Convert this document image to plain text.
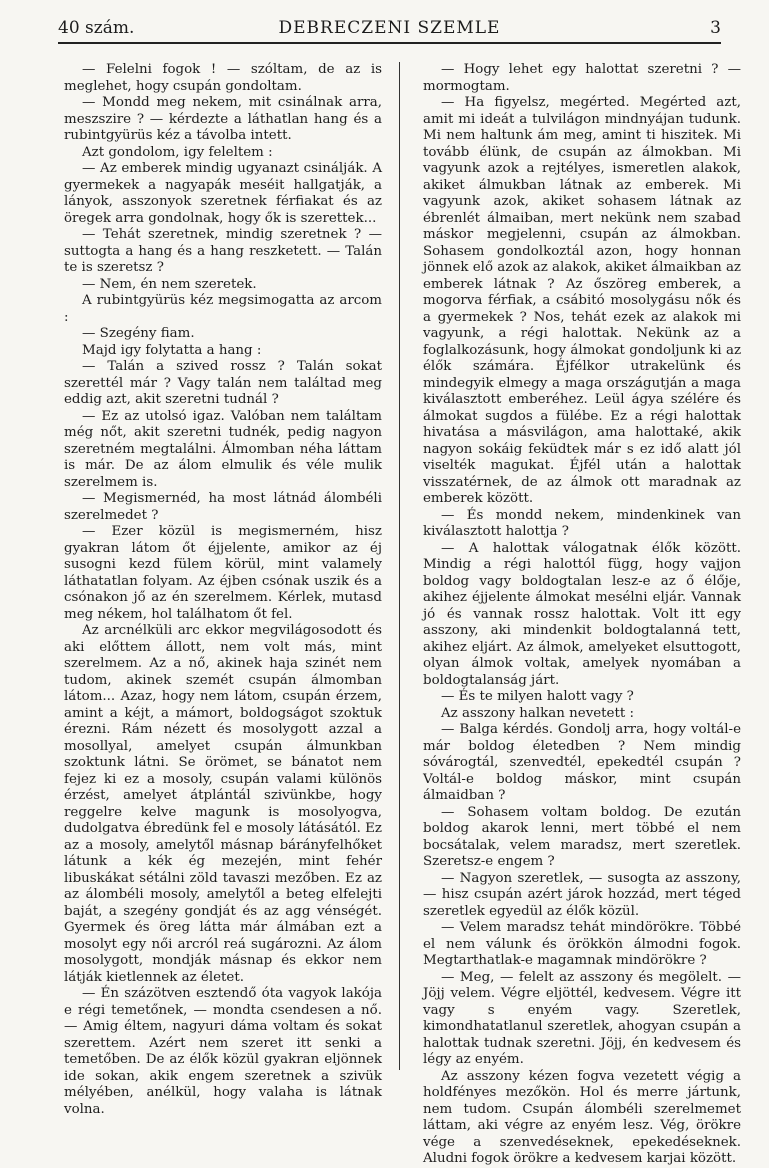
40 szám.	DEBRECZENI SZEMLE	3

— Felelni fogok ! — szóltam, de az is meglehet, hogy csupán gondoltam.

— Mondd meg nekem, mit csinálnak arra, meszszire ? — kérdezte a láthatlan hang és a rubintgyürüs kéz a távolba intett.

Azt gondolom, igy feleltem :

— Az emberek mindig ugyanazt csinálják. A gyermekek a nagyapák meséit hallgatják, a lányok, asszonyok szeretnek férfiakat és az öregek arra gondolnak, hogy ők is szerettek...

— Tehát szeretnek, mindig szeretnek ? — suttogta a hang és a hang reszketett. — Talán te is szeretsz ?

— Nem, én nem szeretek.

A rubintgyürüs kéz megsimogatta az arcom :

— Szegény fiam.

Majd igy folytatta a hang :

— Talán a szived rossz ? Talán sokat szerettél már ? Vagy talán nem találtad meg eddig azt, akit szeretni tudnál ?

— Ez az utolsó igaz. Valóban nem találtam még nőt, akit szeretni tudnék, pedig nagyon szeretném megtalálni. Álmomban néha láttam is már. De az álom elmulik és véle mulik szerelmem is.

— Megismernéd, ha most látnád álombéli szerelmedet ?

— Ezer közül is megismerném, hisz gyakran látom őt éjjelente, amikor az éj susogni kezd fülem körül, mint valamely láthatatlan folyam. Az éjben csónak uszik és a csónakon jő az én szerelmem. Kérlek, mutasd meg nékem, hol találhatom őt fel.

Az arcnélküli arc ekkor megvilágosodott és aki előttem állott, nem volt más, mint szerelmem. Az a nő, akinek haja szinét nem tudom, akinek szemét csupán álmomban látom... Azaz, hogy nem látom, csupán érzem, amint a kéjt, a mámort, boldogságot szoktuk érezni. Rám nézett és mosolygott azzal a mosollyal, amelyet csupán álmunkban szoktunk látni. Se örömet, se bánatot nem fejez ki ez a mosoly, csupán valami különös érzést, amelyet átplántál szivünkbe, hogy reggelre kelve magunk is mosolyogva, dudolgatva ébredünk fel e mosoly látásától. Ez az a mosoly, amelytől másnap bárányfelhőket látunk a kék ég mezején, mint fehér libuskákat sétálni zöld tavaszi mezőben. Ez az az álombéli mosoly, amelytől a beteg elfelejti baját, a szegény gondját és az agg vénségét. Gyermek és öreg látta már álmában ezt a mosolyt egy női arcról reá sugározni. Az álom mosolygott, mondják másnap és ekkor nem látják kietlennek az életet.

— Én százötven esztendő óta vagyok lakója e régi temetőnek, — mondta csendesen a nő. — Amig éltem, nagyuri dáma voltam és sokat szerettem. Azért nem szeret itt senki a temetőben. De az élők közül gyakran eljönnek ide sokan, akik engem szeretnek a szivük mélyében, anélkül, hogy valaha is látnak volna.

— Hogy lehet egy halottat szeretni ? — mormogtam.

— Ha figyelsz, megérted. Megérted azt, amit mi ideát a tulvilágon mindnyájan tudunk. Mi nem haltunk ám meg, amint ti hiszitek. Mi tovább élünk, de csupán az álmokban. Mi vagyunk azok a rejtélyes, ismeretlen alakok, akiket álmukban látnak az emberek. Mi vagyunk azok, akiket sohasem látnak az ébrenlét álmaiban, mert nekünk nem szabad máskor megjelenni, csupán az álmokban. Sohasem gondolkoztál azon, hogy honnan jönnek elő azok az alakok, akiket álmaikban az emberek látnak ? Az őszöreg emberek, a mogorva férfiak, a csábitó mosolygásu nők és a gyermekek ? Nos, tehát ezek az alakok mi vagyunk, a régi halottak. Nekünk az a foglalkozásunk, hogy álmokat gondoljunk ki az élők számára. Éjfélkor utrakelünk és mindegyik elmegy a maga országutján a maga kiválasztott emberéhez. Leül ágya szélére és álmokat sugdos a fülébe. Ez a régi halottak hivatása a másvilágon, ama halottaké, akik nagyon sokáig feküdtek már s ez idő alatt jól viselték magukat. Éjfél után a halottak visszatérnek, de az álmok ott maradnak az emberek között.

— És mondd nekem, mindenkinek van kiválasztott halottja ?

— A halottak válogatnak élők között. Mindig a régi halottól függ, hogy vajjon boldog vagy boldogtalan lesz-e az ő élője, akihez éjjelente álmokat mesélni eljár. Vannak jó és vannak rossz halottak. Volt itt egy asszony, aki mindenkit boldogtalanná tett, akihez eljárt. Az álmok, amelyeket elsuttogott, olyan álmok voltak, amelyek nyomában a boldogtalanság járt.

— És te milyen halott vagy ?

Az asszony halkan nevetett :

— Balga kérdés. Gondolj arra, hogy voltál-e már boldog életedben ? Nem mindig sóvárogtál, szenvedtél, epekedtél csupán ? Voltál-e boldog máskor, mint csupán álmaidban ?

— Sohasem voltam boldog. De ezután boldog akarok lenni, mert többé el nem bocsátalak, velem maradsz, mert szeretlek. Szeretsz-e engem ?

— Nagyon szeretlek, — susogta az asszony, — hisz csupán azért járok hozzád, mert téged szeretlek egyedül az élők közül.

— Velem maradsz tehát mindörökre. Többé el nem válunk és örökkön álmodni fogok. Megtarthatlak-e magamnak mindörökre ?

— Meg, — felelt az asszony és megölelt. — Jöjj velem. Végre eljöttél, kedvesem. Végre itt vagy s enyém vagy. Szeretlek, kimondhatatlanul szeretlek, ahogyan csupán a halottak tudnak szeretni. Jöjj, én kedvesem és légy az enyém.

Az asszony kézen fogva vezetett végig a holdfényes mezőkön. Hol és merre jártunk, nem tudom. Csupán álombéli szerelmemet láttam, aki végre az enyém lesz. Vég, örökre vége a szenvedéseknek, epekedéseknek. Aludni fogok örökre a kedvesem karjai között.
